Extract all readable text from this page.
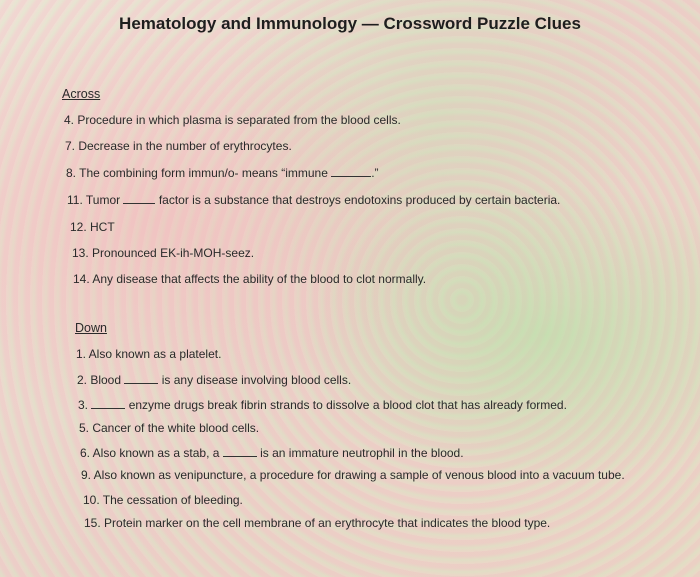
Hematology and Immunology — Crossword Puzzle Clues
Across
4. Procedure in which plasma is separated from the blood cells.
7. Decrease in the number of erythrocytes.
8. The combining form immun/o- means “immune	.”
11. Tumor	factor is a substance that destroys endotoxins produced by certain bacteria.
12. HCT
13. Pronounced EK-ih-MOH-seez.
14. Any disease that affects the ability of the blood to clot normally.
Down
1. Also known as a platelet.
2. Blood	is any disease involving blood cells.
3.	enzyme drugs break fibrin strands to dissolve a blood clot that has already formed.
5. Cancer of the white blood cells.
6. Also known as a stab, a	is an immature neutrophil in the blood.
9. Also known as venipuncture, a procedure for drawing a sample of venous blood into a vacuum tube.
10. The cessation of bleeding.
15. Protein marker on the cell membrane of an erythrocyte that indicates the blood type.
